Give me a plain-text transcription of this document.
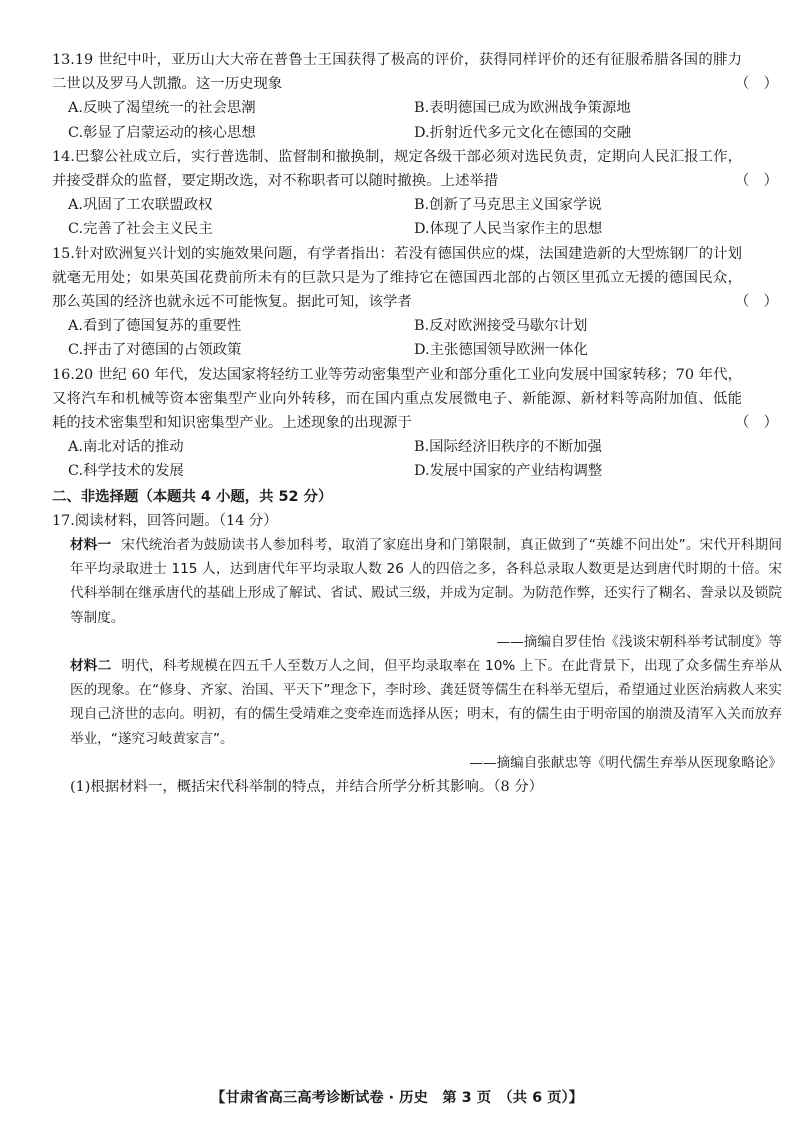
13.19 世纪中叶，亚历山大大帝在普鲁士王国获得了极高的评价，获得同样评价的还有征服希腊各国的腓力二世以及罗马人凯撒。这一历史现象	（　）
A.反映了渴望统一的社会思潮	B.表明德国已成为欧洲战争策源地
C.彰显了启蒙运动的核心思想	D.折射近代多元文化在德国的交融
14.巴黎公社成立后，实行普选制、监督制和撤换制，规定各级干部必须对选民负责，定期向人民汇报工作，并接受群众的监督，要定期改选，对不称职者可以随时撤换。上述举措	（　）
A.巩固了工农联盟政权	B.创新了马克思主义国家学说
C.完善了社会主义民主	D.体现了人民当家作主的思想
15.针对欧洲复兴计划的实施效果问题，有学者指出：若没有德国供应的煤，法国建造新的大型炼钢厂的计划就毫无用处；如果英国花费前所未有的巨款只是为了维持它在德国西北部的占领区里孤立无援的德国民众，那么英国的经济也就永远不可能恢复。据此可知，该学者	（　）
A.看到了德国复苏的重要性	B.反对欧洲接受马歇尔计划
C.抨击了对德国的占领政策	D.主张德国领导欧洲一体化
16.20 世纪 60 年代，发达国家将轻纺工业等劳动密集型产业和部分重化工业向发展中国家转移；70 年代，又将汽车和机械等资本密集型产业向外转移，而在国内重点发展微电子、新能源、新材料等高附加值、低能耗的技术密集型和知识密集型产业。上述现象的出现源于	（　）
A.南北对话的推动	B.国际经济旧秩序的不断加强
C.科学技术的发展	D.发展中国家的产业结构调整
二、非选择题（本题共 4 小题，共 52 分）
17.阅读材料，回答问题。（14 分）
材料一 宋代统治者为鼓励读书人参加科考，取消了家庭出身和门第限制，真正做到了“英雄不问出处”。宋代开科期间年平均录取进士 115 人，达到唐代年平均录取人数 26 人的四倍之多，各科总录取人数更是达到唐代时期的十倍。宋代科举制在继承唐代的基础上形成了解试、省试、殿试三级，并成为定制。为防范作弊，还实行了糊名、誊录以及锁院等制度。
——摘编自罗佳怡《浅谈宋朝科举考试制度》等
材料二 明代，科考规模在四五千人至数万人之间，但平均录取率在 10% 上下。在此背景下，出现了众多儒生弃举从医的现象。在“修身、齐家、治国、平天下”理念下，李时珍、龚廷贤等儒生在科举无望后，希望通过业医治病救人来实现自己济世的志向。明初，有的儒生受靖难之变牵连而选择从医；明末，有的儒生由于明帝国的崩溃及清军入关而放弃举业，“遂究习岐黄家言”。
——摘编自张献忠等《明代儒生弃举从医现象略论》
(1)根据材料一，概括宋代科举制的特点，并结合所学分析其影响。（8 分）
【甘肃省高三高考诊断试卷 · 历史　第 3 页　（共 6 页）】
